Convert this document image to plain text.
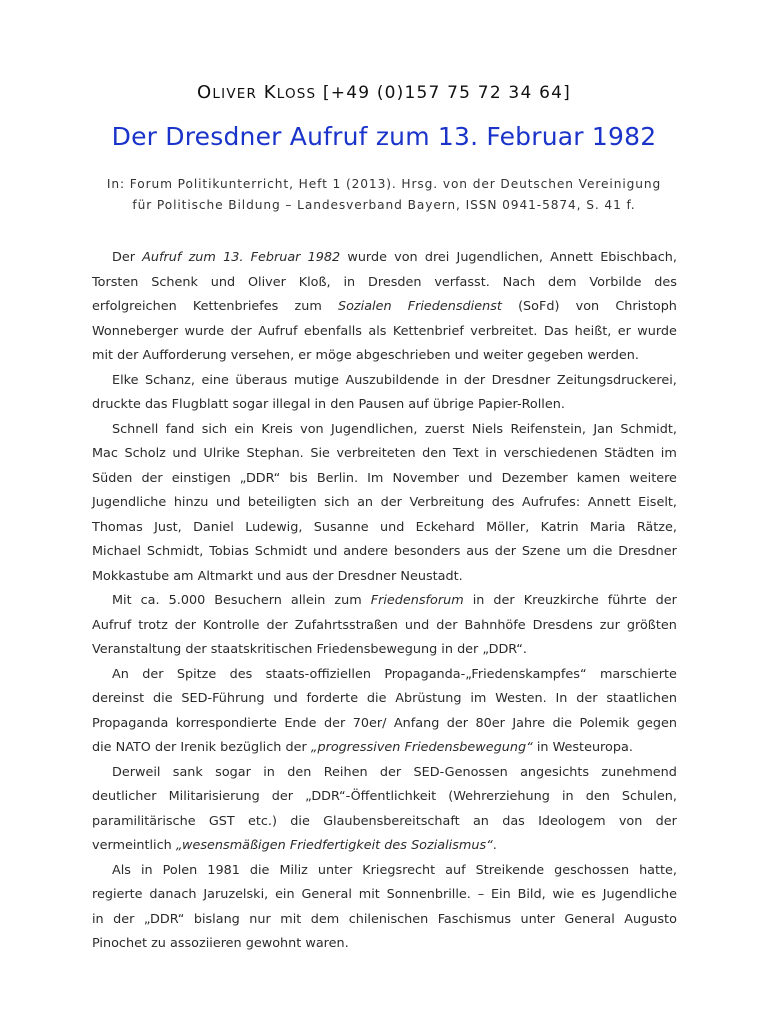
OLIVER KLOSS [+49 (0)157 75 72 34 64]
Der Dresdner Aufruf zum 13. Februar 1982
In: Forum Politikunterricht, Heft 1 (2013). Hrsg. von der Deutschen Vereinigung
für Politische Bildung – Landesverband Bayern, ISSN 0941-5874, S. 41 f.
Der Aufruf zum 13. Februar 1982 wurde von drei Jugendlichen, Annett Ebischbach,
Torsten Schenk und Oliver Kloß, in Dresden verfasst. Nach dem Vorbilde des
erfolgreichen Kettenbriefes zum Sozialen Friedensdienst (SoFd) von Christoph
Wonneberger wurde der Aufruf ebenfalls als Kettenbrief verbreitet. Das heißt, er wurde
mit der Aufforderung versehen, er möge abgeschrieben und weiter gegeben werden.
Elke Schanz, eine überaus mutige Auszubildende in der Dresdner Zeitungsdruckerei,
druckte das Flugblatt sogar illegal in den Pausen auf übrige Papier-Rollen.
Schnell fand sich ein Kreis von Jugendlichen, zuerst Niels Reifenstein, Jan Schmidt,
Mac Scholz und Ulrike Stephan. Sie verbreiteten den Text in verschiedenen Städten im
Süden der einstigen „DDR“ bis Berlin. Im November und Dezember kamen weitere
Jugendliche hinzu und beteiligten sich an der Verbreitung des Aufrufes: Annett Eiselt,
Thomas Just, Daniel Ludewig, Susanne und Eckehard Möller, Katrin Maria Rätze,
Michael Schmidt, Tobias Schmidt und andere besonders aus der Szene um die Dresdner
Mokkastube am Altmarkt und aus der Dresdner Neustadt.
Mit ca. 5.000 Besuchern allein zum Friedensforum in der Kreuzkirche führte der
Aufruf trotz der Kontrolle der Zufahrtsstraßen und der Bahnhöfe Dresdens zur größten
Veranstaltung der staatskritischen Friedensbewegung in der „DDR“.
An der Spitze des staats-offiziellen Propaganda-„Friedenskampfes“ marschierte
dereinst die SED-Führung und forderte die Abrüstung im Westen. In der staatlichen
Propaganda korrespondierte Ende der 70er/ Anfang der 80er Jahre die Polemik gegen
die NATO der Irenik bezüglich der „progressiven Friedensbewegung“ in Westeuropa.
Derweil sank sogar in den Reihen der SED-Genossen angesichts zunehmend
deutlicher Militarisierung der „DDR“-Öffentlichkeit (Wehrerziehung in den Schulen,
paramilitärische GST etc.) die Glaubensbereitschaft an das Ideologem von der
vermeintlich „wesensmäßigen Friedfertigkeit des Sozialismus“.
Als in Polen 1981 die Miliz unter Kriegsrecht auf Streikende geschossen hatte,
regierte danach Jaruzelski, ein General mit Sonnenbrille. – Ein Bild, wie es Jugendliche
in der „DDR“ bislang nur mit dem chilenischen Faschismus unter General Augusto
Pinochet zu assoziieren gewohnt waren.
